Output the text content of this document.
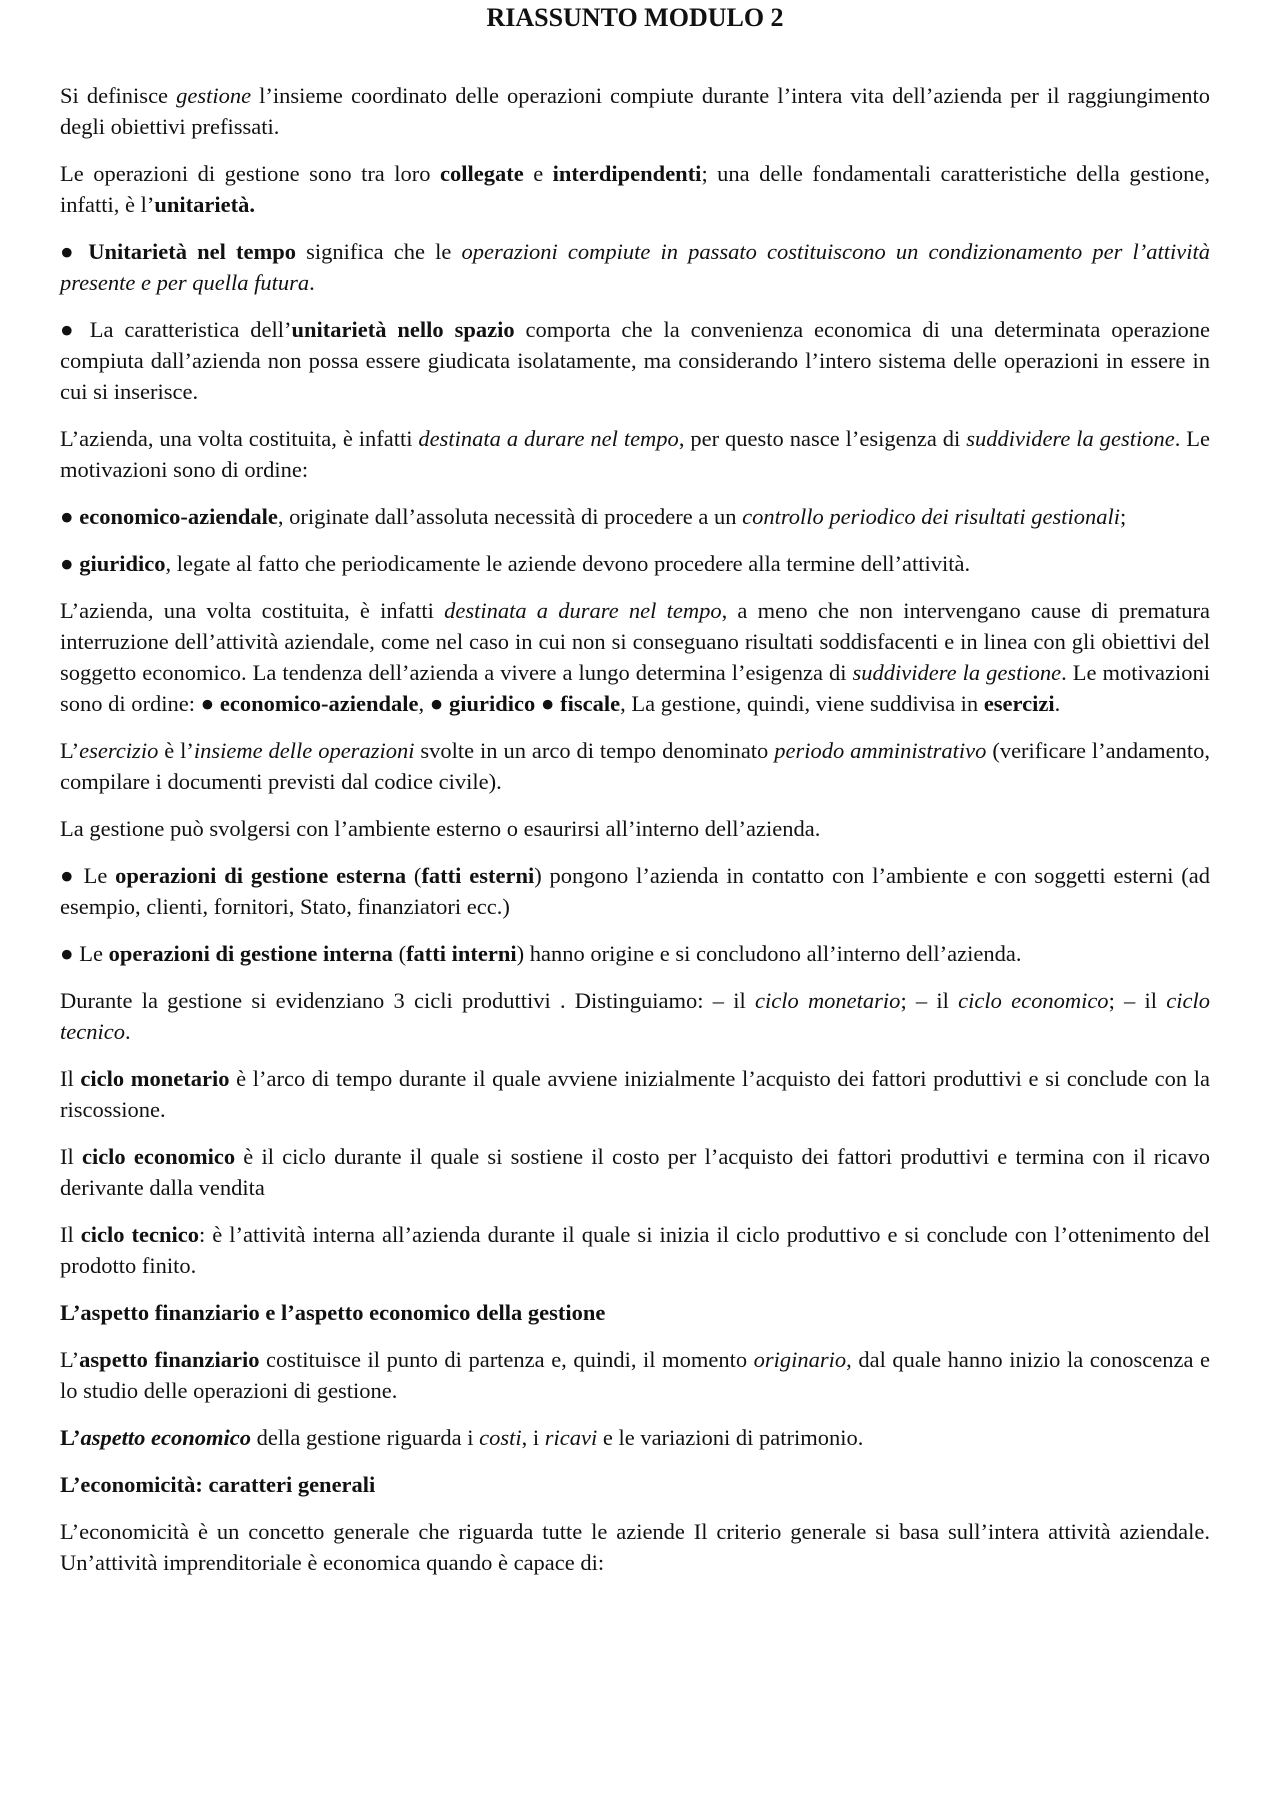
RIASSUNTO MODULO 2

Si definisce gestione l’insieme coordinato delle operazioni compiute durante l’intera vita dell’azienda per il raggiungimento degli obiettivi prefissati.

Le operazioni di gestione sono tra loro collegate e interdipendenti; una delle fondamentali caratteristiche della gestione, infatti, è l’unitarietà.

● Unitarietà nel tempo significa che le operazioni compiute in passato costituiscono un condizionamento per l’attività presente e per quella futura.

● La caratteristica dell’unitarietà nello spazio comporta che la convenienza economica di una determinata operazione compiuta dall’azienda non possa essere giudicata isolatamente, ma considerando l’intero sistema delle operazioni in essere in cui si inserisce.

L’azienda, una volta costituita, è infatti destinata a durare nel tempo, per questo nasce l’esigenza di suddividere la gestione. Le motivazioni sono di ordine:

● economico-aziendale, originate dall’assoluta necessità di procedere a un controllo periodico dei risultati gestionali;

● giuridico, legate al fatto che periodicamente le aziende devono procedere alla termine dell’attività.

L’azienda, una volta costituita, è infatti destinata a durare nel tempo, a meno che non intervengano cause di prematura interruzione dell’attività aziendale, come nel caso in cui non si conseguano risultati soddisfacenti e in linea con gli obiettivi del soggetto economico. La tendenza dell’azienda a vivere a lungo determina l’esigenza di suddividere la gestione. Le motivazioni sono di ordine: ● economico-aziendale, ● giuridico ● fiscale, La gestione, quindi, viene suddivisa in esercizi.

L’esercizio è l’insieme delle operazioni svolte in un arco di tempo denominato periodo amministrativo (verificare l’andamento, compilare i documenti previsti dal codice civile).

La gestione può svolgersi con l’ambiente esterno o esaurirsi all’interno dell’azienda.

● Le operazioni di gestione esterna (fatti esterni) pongono l’azienda in contatto con l’ambiente e con soggetti esterni (ad esempio, clienti, fornitori, Stato, finanziatori ecc.)

● Le operazioni di gestione interna (fatti interni) hanno origine e si concludono all’interno dell’azienda.

Durante la gestione si evidenziano 3 cicli produttivi . Distinguiamo: – il ciclo monetario; – il ciclo economico; – il ciclo tecnico.

Il ciclo monetario è l’arco di tempo durante il quale avviene inizialmente l’acquisto dei fattori produttivi e si conclude con la riscossione.

Il ciclo economico è il ciclo durante il quale si sostiene il costo per l’acquisto dei fattori produttivi e termina con il ricavo derivante dalla vendita

Il ciclo tecnico: è l’attività interna all’azienda durante il quale si inizia il ciclo produttivo e si conclude con l’ottenimento del prodotto finito.

L’aspetto finanziario e l’aspetto economico della gestione

L’aspetto finanziario costituisce il punto di partenza e, quindi, il momento originario, dal quale hanno inizio la conoscenza e lo studio delle operazioni di gestione.

L’aspetto economico della gestione riguarda i costi, i ricavi e le variazioni di patrimonio.

L’economicità: caratteri generali

L’economicità è un concetto generale che riguarda tutte le aziende Il criterio generale si basa sull’intera attività aziendale. Un’attività imprenditoriale è economica quando è capace di:
